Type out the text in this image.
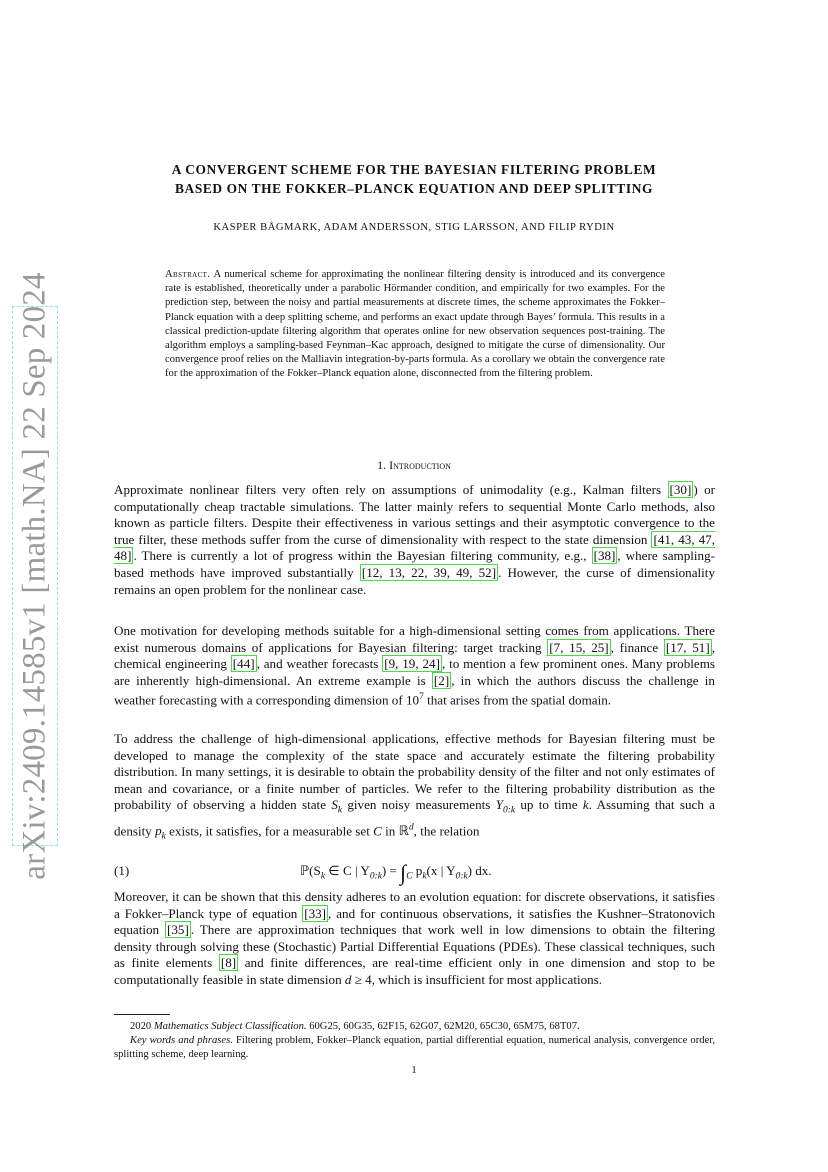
arXiv:2409.14585v1 [math.NA] 22 Sep 2024
A CONVERGENT SCHEME FOR THE BAYESIAN FILTERING PROBLEM
BASED ON THE FOKKER–PLANCK EQUATION AND DEEP SPLITTING
KASPER BÅGMARK, ADAM ANDERSSON, STIG LARSSON, AND FILIP RYDIN
Abstract. A numerical scheme for approximating the nonlinear filtering density is introduced and its convergence rate is established, theoretically under a parabolic Hörmander condition, and empirically for two examples. For the prediction step, between the noisy and partial measurements at discrete times, the scheme approximates the Fokker–Planck equation with a deep splitting scheme, and performs an exact update through Bayes’ formula. This results in a classical prediction-update filtering algorithm that operates online for new observation sequences post-training. The algorithm employs a sampling-based Feynman–Kac approach, designed to mitigate the curse of dimensionality. Our convergence proof relies on the Malliavin integration-by-parts formula. As a corollary we obtain the convergence rate for the approximation of the Fokker–Planck equation alone, disconnected from the filtering problem.
1. Introduction
Approximate nonlinear filters very often rely on assumptions of unimodality (e.g., Kalman filters [30] ) or computationally cheap tractable simulations. The latter mainly refers to sequential Monte Carlo methods, also known as particle filters. Despite their effectiveness in various settings and their asymptotic convergence to the true filter, these methods suffer from the curse of dimensionality with respect to the state dimension [41, 43, 47, 48] . There is currently a lot of progress within the Bayesian filtering community, e.g., [38] , where sampling-based methods have improved substantially [12, 13, 22, 39, 49, 52] . However, the curse of dimensionality remains an open problem for the nonlinear case.
One motivation for developing methods suitable for a high-dimensional setting comes from applications. There exist numerous domains of applications for Bayesian filtering: target tracking [7, 15, 25] , finance [17, 51] , chemical engineering [44] , and weather forecasts [9, 19, 24] , to mention a few prominent ones. Many problems are inherently high-dimensional. An extreme example is [2] , in which the authors discuss the challenge in weather forecasting with a corresponding dimension of $10^7$ that arises from the spatial domain.
To address the challenge of high-dimensional applications, effective methods for Bayesian filtering must be developed to manage the complexity of the state space and accurately estimate the filtering probability distribution. In many settings, it is desirable to obtain the probability density of the filter and not only estimates of mean and covariance, or a finite number of particles. We refer to the filtering probability distribution as the probability of observing a hidden state $S_k$ given noisy measurements $Y_{0:k}$ up to time k. Assuming that such a density $p_k$ exists, it satisfies, for a measurable set C in ℝ$^d$, the relation
(1)	$ℙ(S_k$ ∈ C | $Y_{0:k}) = \int_C$ $p_k(x$ | $Y_{0:k}$) dx.
Moreover, it can be shown that this density adheres to an evolution equation: for discrete observations, it satisfies a Fokker–Planck type of equation [33] , and for continuous observations, it satisfies the Kushner–Stratonovich equation [35] . There are approximation techniques that work well in low dimensions to obtain the filtering density through solving these (Stochastic) Partial Differential Equations (PDEs). These classical techniques, such as finite elements [8] and finite differences, are real-time efficient only in one dimension and stop to be computationally feasible in state dimension d ≥ 4, which is insufficient for most applications.
2020 Mathematics Subject Classification. 60G25, 60G35, 62F15, 62G07, 62M20, 65C30, 65M75, 68T07.
Key words and phrases. Filtering problem, Fokker–Planck equation, partial differential equation, numerical analysis, convergence order, splitting scheme, deep learning.
1
